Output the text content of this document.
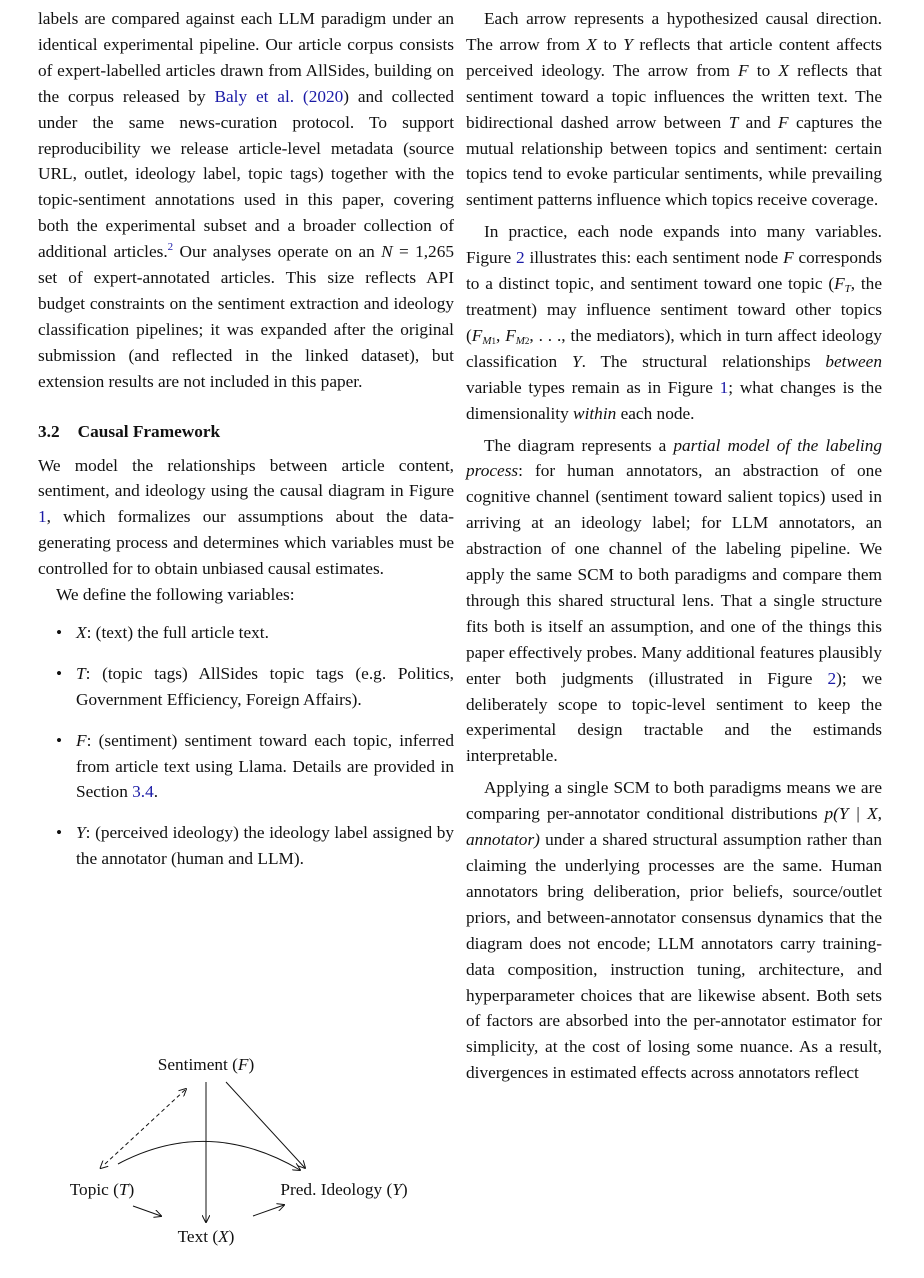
labels are compared against each LLM paradigm under an identical experimental pipeline. Our article corpus consists of expert-labelled articles drawn from AllSides, building on the corpus released by Baly et al. (2020) and collected under the same news-curation protocol. To support reproducibility we release article-level metadata (source URL, outlet, ideology label, topic tags) together with the topic-sentiment annotations used in this paper, covering both the experimental subset and a broader collection of additional articles.$^2$ Our analyses operate on an N = 1,265 set of expert-annotated articles. This size reflects API budget constraints on the sentiment extraction and ideology classification pipelines; it was expanded after the original submission (and reflected in the linked dataset), but extension results are not included in this paper.

3.2 Causal Framework

We model the relationships between article content, sentiment, and ideology using the causal diagram in Figure 1, which formalizes our assumptions about the data-generating process and determines which variables must be controlled for to obtain unbiased causal estimates.

We define the following variables:

• X: (text) the full article text.
• T: (topic tags) AllSides topic tags (e.g. Politics, Government Efficiency, Foreign Affairs).
• F: (sentiment) sentiment toward each topic, inferred from article text using Llama. Details are provided in Section 3.4.
• Y: (perceived ideology) the ideology label assigned by the annotator (human and LLM).
Sentiment (F)
Topic (T)	Pred. Ideology (Y)
Text (X)

Each arrow represents a hypothesized causal direction. The arrow from X to Y reflects that article content affects perceived ideology. The arrow from F to X reflects that sentiment toward a topic influences the written text. The bidirectional dashed arrow between T and F captures the mutual relationship between topics and sentiment: certain topics tend to evoke particular sentiments, while prevailing sentiment patterns influence which topics receive coverage.

In practice, each node expands into many variables. Figure 2 illustrates this: each sentiment node F corresponds to a distinct topic, and sentiment toward one topic ($F_T$, the treatment) may influence sentiment toward other topics ($F_{M1}$, $F_{M2}$, . . ., the mediators), which in turn affect ideology classification Y. The structural relationships between variable types remain as in Figure 1; what changes is the dimensionality within each node.

The diagram represents a partial model of the labeling process: for human annotators, an abstraction of one cognitive channel (sentiment toward salient topics) used in arriving at an ideology label; for LLM annotators, an abstraction of one channel of the labeling pipeline. We apply the same SCM to both paradigms and compare them through this shared structural lens. That a single structure fits both is itself an assumption, and one of the things this paper effectively probes. Many additional features plausibly enter both judgments (illustrated in Figure 2); we deliberately scope to topic-level sentiment to keep the experimental design tractable and the estimands interpretable.

Applying a single SCM to both paradigms means we are comparing per-annotator conditional distributions p(Y | X, annotator) under a shared structural assumption rather than claiming the underlying processes are the same. Human annotators bring deliberation, prior beliefs, source/outlet priors, and between-annotator consensus dynamics that the diagram does not encode; LLM annotators carry training-data composition, instruction tuning, architecture, and hyperparameter choices that are likewise absent. Both sets of factors are absorbed into the per-annotator estimator for simplicity, at the cost of losing some nuance. As a result, divergences in estimated effects across annotators reflect
